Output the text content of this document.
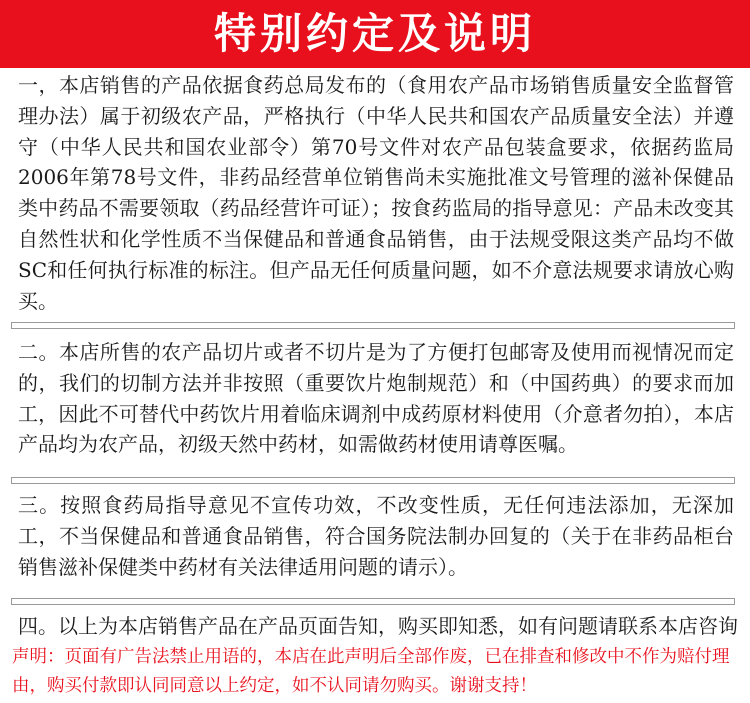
特别约定及说明
一，本店销售的产品依据食药总局发布的（食用农产品市场销售质量安全监督管理办法）属于初级农产品，严格执行（中华人民共和国农产品质量安全法）并遵守（中华人民共和国农业部令）第70号文件对农产品包装盒要求，依据药监局2006年第78号文件，非药品经营单位销售尚未实施批准文号管理的滋补保健品类中药品不需要领取（药品经营许可证）；按食药监局的指导意见：产品未改变其自然性状和化学性质不当保健品和普通食品销售，由于法规受限这类产品均不做SC和任何执行标准的标注。但产品无任何质量问题，如不介意法规要求请放心购买。
二。本店所售的农产品切片或者不切片是为了方便打包邮寄及使用而视情况而定的，我们的切制方法并非按照（重要饮片炮制规范）和（中国药典）的要求而加工，因此不可替代中药饮片用着临床调剂中成药原材料使用（介意者勿拍），本店产品均为农产品，初级天然中药材，如需做药材使用请尊医嘱。
三。按照食药局指导意见不宣传功效，不改变性质，无任何违法添加，无深加工，不当保健品和普通食品销售，符合国务院法制办回复的（关于在非药品柜台销售滋补保健类中药材有关法律适用问题的请示）。
四。以上为本店销售产品在产品页面告知，购买即知悉，如有问题请联系本店咨询
声明：页面有广告法禁止用语的，本店在此声明后全部作废，已在排查和修改中不作为赔付理由，购买付款即认同同意以上约定，如不认同请勿购买。谢谢支持！
